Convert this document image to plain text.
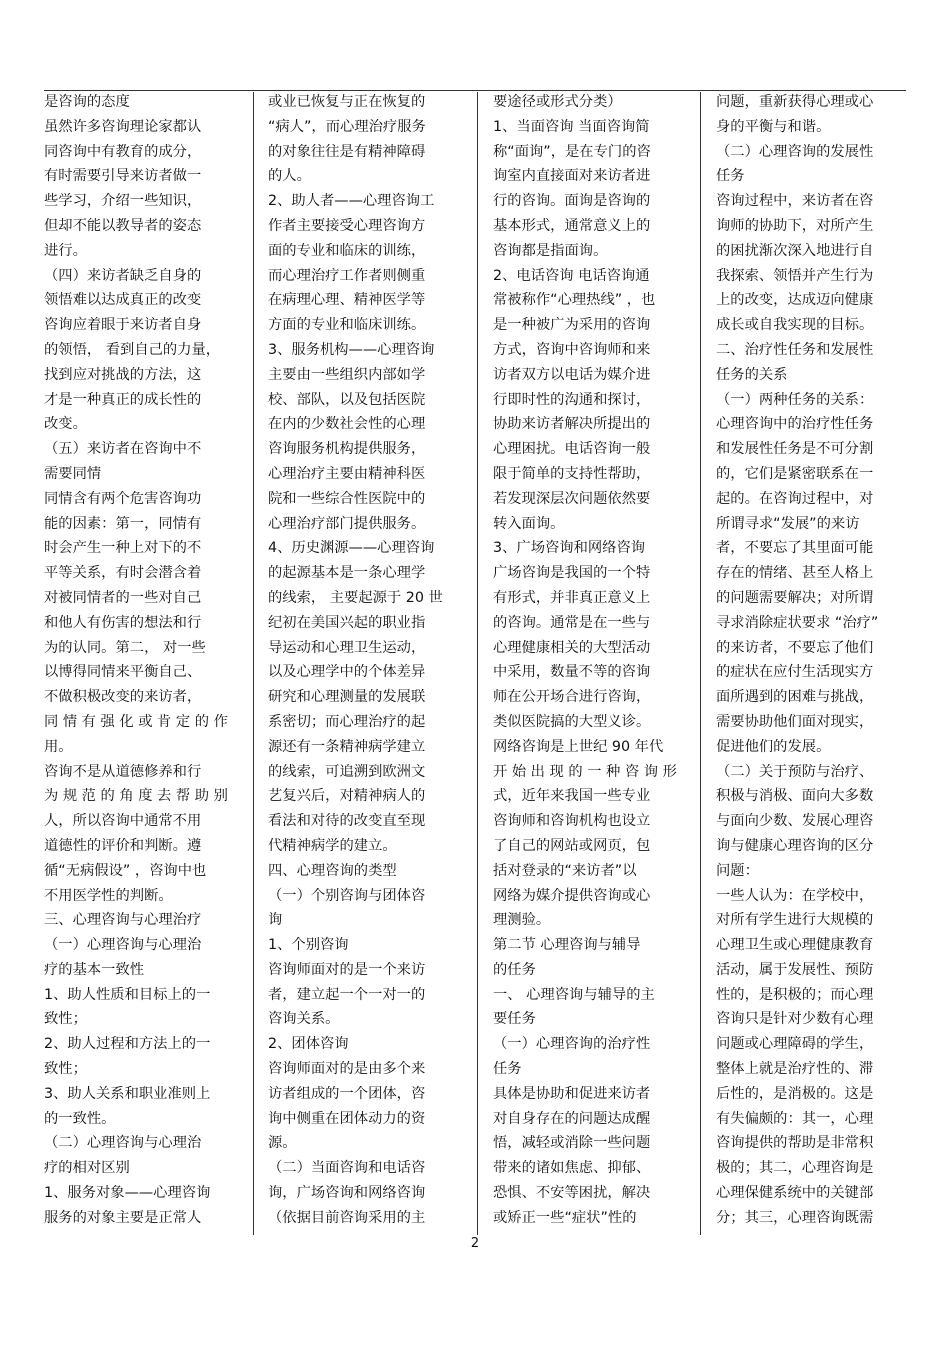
是咨询的态度

虽然许多咨询理论家都认

同咨询中有教育的成分，

有时需要引导来访者做一

些学习，介绍一些知识，

但却不能以教导者的姿态

进行。

（四）来访者缺乏自身的

领悟难以达成真正的改变

咨询应着眼于来访者自身

的领悟， 看到自己的力量，

找到应对挑战的方法，这

才是一种真正的成长性的

改变。

（五）来访者在咨询中不

需要同情

同情含有两个危害咨询功

能的因素：第一，同情有

时会产生一种上对下的不

平等关系，有时会潜含着

对被同情者的一些对自己

和他人有伤害的想法和行

为的认同。第二， 对一些

以博得同情来平衡自己、

不做积极改变的来访者，

同 情 有 强 化 或 肯 定 的 作

用。

咨询不是从道德修养和行

为 规 范 的 角 度 去 帮 助 别

人，所以咨询中通常不用

道德性的评价和判断。遵

循“无病假设” ，咨询中也

不用医学性的判断。

三、心理咨询与心理治疗

（一）心理咨询与心理治

疗的基本一致性

1、助人性质和目标上的一

致性；

2、助人过程和方法上的一

致性；

3、助人关系和职业准则上

的一致性。

（二）心理咨询与心理治

疗的相对区别

1、服务对象——心理咨询

服务的对象主要是正常人

或业已恢复与正在恢复的

“病人”，而心理治疗服务

的对象往往是有精神障碍

的人。

2、助人者——心理咨询工

作者主要接受心理咨询方

面的专业和临床的训练，

而心理治疗工作者则侧重

在病理心理、精神医学等

方面的专业和临床训练。

3、服务机构——心理咨询

主要由一些组织内部如学

校、部队，以及包括医院

在内的少数社会性的心理

咨询服务机构提供服务，

心理治疗主要由精神科医

院和一些综合性医院中的

心理治疗部门提供服务。

4、历史渊源——心理咨询

的起源基本是一条心理学

的线索， 主要起源于 20 世

纪初在美国兴起的职业指

导运动和心理卫生运动，

以及心理学中的个体差异

研究和心理测量的发展联

系密切；而心理治疗的起

源还有一条精神病学建立

的线索，可追溯到欧洲文

艺复兴后，对精神病人的

看法和对待的改变直至现

代精神病学的建立。

四、心理咨询的类型

（一）个别咨询与团体咨

询

1、个别咨询

咨询师面对的是一个来访

者，建立起一个一对一的

咨询关系。

2、团体咨询

咨询师面对的是由多个来

访者组成的一个团体，咨

询中侧重在团体动力的资

源。

（二）当面咨询和电话咨

询，广场咨询和网络咨询

（依据目前咨询采用的主

要途径或形式分类）

1、当面咨询 当面咨询简

称“面询”，是在专门的咨

询室内直接面对来访者进

行的咨询。面询是咨询的

基本形式，通常意义上的

咨询都是指面询。

2、电话咨询 电话咨询通

常被称作“心理热线” ，也

是一种被广为采用的咨询

方式，咨询中咨询师和来

访者双方以电话为媒介进

行即时性的沟通和探讨，

协助来访者解决所提出的

心理困扰。电话咨询一般

限于简单的支持性帮助，

若发现深层次问题依然要

转入面询。

3、广场咨询和网络咨询

广场咨询是我国的一个特

有形式，并非真正意义上

的咨询。通常是在一些与

心理健康相关的大型活动

中采用，数量不等的咨询

师在公开场合进行咨询，

类似医院搞的大型义诊。

网络咨询是上世纪 90 年代

开 始 出 现 的 一 种 咨 询 形

式，近年来我国一些专业

咨询师和咨询机构也设立

了自己的网站或网页，包

括对登录的“来访者”以

网络为媒介提供咨询或心

理测验。

第二节 心理咨询与辅导

的任务

一、 心理咨询与辅导的主

要任务

（一）心理咨询的治疗性

任务

具体是协助和促进来访者

对自身存在的问题达成醒

悟，减轻或消除一些问题

带来的诸如焦虑、抑郁、

恐惧、不安等困扰，解决

或矫正一些“症状”性的

问题，重新获得心理或心

身的平衡与和谐。

（二）心理咨询的发展性

任务

咨询过程中，来访者在咨

询师的协助下，对所产生

的困扰渐次深入地进行自

我探索、领悟并产生行为

上的改变，达成迈向健康

成长或自我实现的目标。

二、治疗性任务和发展性

任务的关系

（一）两种任务的关系：

心理咨询中的治疗性任务

和发展性任务是不可分割

的，它们是紧密联系在一

起的。在咨询过程中，对

所谓寻求“发展”的来访

者，不要忘了其里面可能

存在的情绪、甚至人格上

的问题需要解决；对所谓

寻求消除症状要求 “治疗”

的来访者，不要忘了他们

的症状在应付生活现实方

面所遇到的困难与挑战，

需要协助他们面对现实，

促进他们的发展。

（二）关于预防与治疗、

积极与消极、面向大多数

与面向少数、发展心理咨

询与健康心理咨询的区分

问题：

一些人认为：在学校中，

对所有学生进行大规模的

心理卫生或心理健康教育

活动，属于发展性、预防

性的，是积极的；而心理

咨询只是针对少数有心理

问题或心理障碍的学生，

整体上就是治疗性的、滞

后性的，是消极的。这是

有失偏颇的：其一，心理

咨询提供的帮助是非常积

极的；其二，心理咨询是

心理保健系统中的关键部

分；其三，心理咨询既需

2
